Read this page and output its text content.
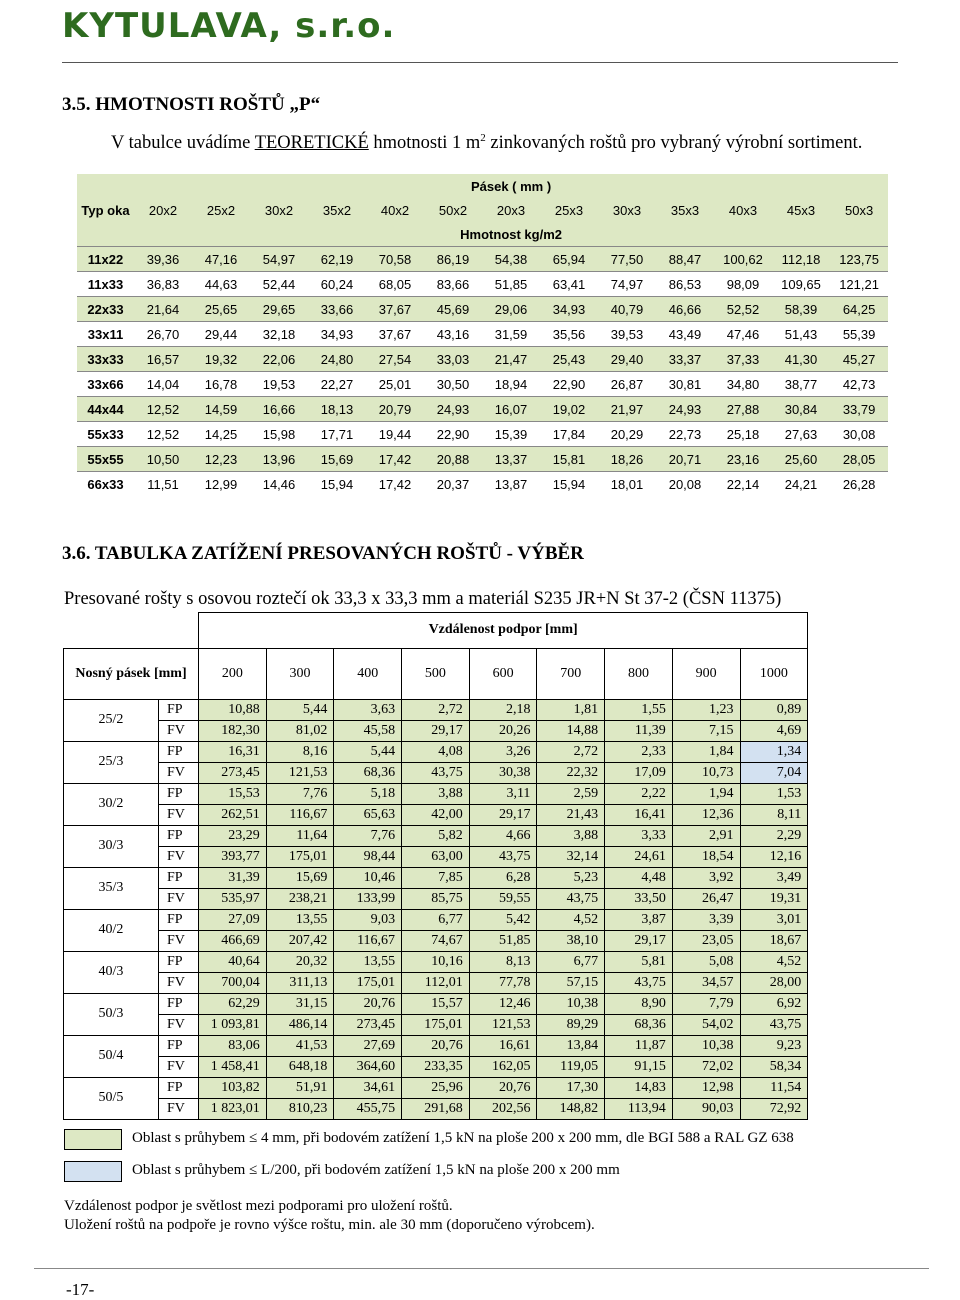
KYTULAVA, s.r.o.
3.5. HMOTNOSTI ROŠTŮ „P“
V tabulce uvádíme TEORETICKÉ hmotnosti 1 $m^2$ zinkovaných roštů pro vybraný výrobní sortiment.
Typ oka	Pásek ( mm )												
	20x2	25x2	30x2	35x2	40x2	50x2	20x3	25x3	30x3	35x3	40x3	45x3	50x3
	Hmotnost kg/m2												
11x22	39,36	47,16	54,97	62,19	70,58	86,19	54,38	65,94	77,50	88,47	100,62	112,18	123,75
11x33	36,83	44,63	52,44	60,24	68,05	83,66	51,85	63,41	74,97	86,53	98,09	109,65	121,21
22x33	21,64	25,65	29,65	33,66	37,67	45,69	29,06	34,93	40,79	46,66	52,52	58,39	64,25
33x11	26,70	29,44	32,18	34,93	37,67	43,16	31,59	35,56	39,53	43,49	47,46	51,43	55,39
33x33	16,57	19,32	22,06	24,80	27,54	33,03	21,47	25,43	29,40	33,37	37,33	41,30	45,27
33x66	14,04	16,78	19,53	22,27	25,01	30,50	18,94	22,90	26,87	30,81	34,80	38,77	42,73
44x44	12,52	14,59	16,66	18,13	20,79	24,93	16,07	19,02	21,97	24,93	27,88	30,84	33,79
55x33	12,52	14,25	15,98	17,71	19,44	22,90	15,39	17,84	20,29	22,73	25,18	27,63	30,08
55x55	10,50	12,23	13,96	15,69	17,42	20,88	13,37	15,81	18,26	20,71	23,16	25,60	28,05
66x33	11,51	12,99	14,46	15,94	17,42	20,37	13,87	15,94	18,01	20,08	22,14	24,21	26,28
3.6. TABULKA ZATÍŽENÍ PRESOVANÝCH ROŠTŮ - VÝBĚR
Presované rošty s osovou roztečí ok 33,3 x 33,3 mm a materiál S235 JR+N St 37-2 (ČSN 11375)
		Vzdálenost podpor [mm]								
Nosný pásek [mm]		200	300	400	500	600	700	800	900	1000
25/2	FP	10,88	5,44	3,63	2,72	2,18	1,81	1,55	1,23	0,89
	FV	182,30	81,02	45,58	29,17	20,26	14,88	11,39	7,15	4,69
25/3	FP	16,31	8,16	5,44	4,08	3,26	2,72	2,33	1,84	1,34
	FV	273,45	121,53	68,36	43,75	30,38	22,32	17,09	10,73	7,04
30/2	FP	15,53	7,76	5,18	3,88	3,11	2,59	2,22	1,94	1,53
	FV	262,51	116,67	65,63	42,00	29,17	21,43	16,41	12,36	8,11
30/3	FP	23,29	11,64	7,76	5,82	4,66	3,88	3,33	2,91	2,29
	FV	393,77	175,01	98,44	63,00	43,75	32,14	24,61	18,54	12,16
35/3	FP	31,39	15,69	10,46	7,85	6,28	5,23	4,48	3,92	3,49
	FV	535,97	238,21	133,99	85,75	59,55	43,75	33,50	26,47	19,31
40/2	FP	27,09	13,55	9,03	6,77	5,42	4,52	3,87	3,39	3,01
	FV	466,69	207,42	116,67	74,67	51,85	38,10	29,17	23,05	18,67
40/3	FP	40,64	20,32	13,55	10,16	8,13	6,77	5,81	5,08	4,52
	FV	700,04	311,13	175,01	112,01	77,78	57,15	43,75	34,57	28,00
50/3	FP	62,29	31,15	20,76	15,57	12,46	10,38	8,90	7,79	6,92
	FV	1 093,81	486,14	273,45	175,01	121,53	89,29	68,36	54,02	43,75
50/4	FP	83,06	41,53	27,69	20,76	16,61	13,84	11,87	10,38	9,23
	FV	1 458,41	648,18	364,60	233,35	162,05	119,05	91,15	72,02	58,34
50/5	FP	103,82	51,91	34,61	25,96	20,76	17,30	14,83	12,98	11,54
	FV	1 823,01	810,23	455,75	291,68	202,56	148,82	113,94	90,03	72,92
Oblast s průhybem ≤ 4 mm, při bodovém zatížení 1,5 kN na ploše 200 x 200 mm, dle BGI 588 a RAL GZ 638
Oblast s průhybem ≤ L/200, při bodovém zatížení 1,5 kN na ploše 200 x 200 mm
Vzdálenost podpor je světlost mezi podporami pro uložení roštů.
Uložení roštů na podpoře je rovno výšce roštu, min. ale 30 mm (doporučeno výrobcem).
-17-
